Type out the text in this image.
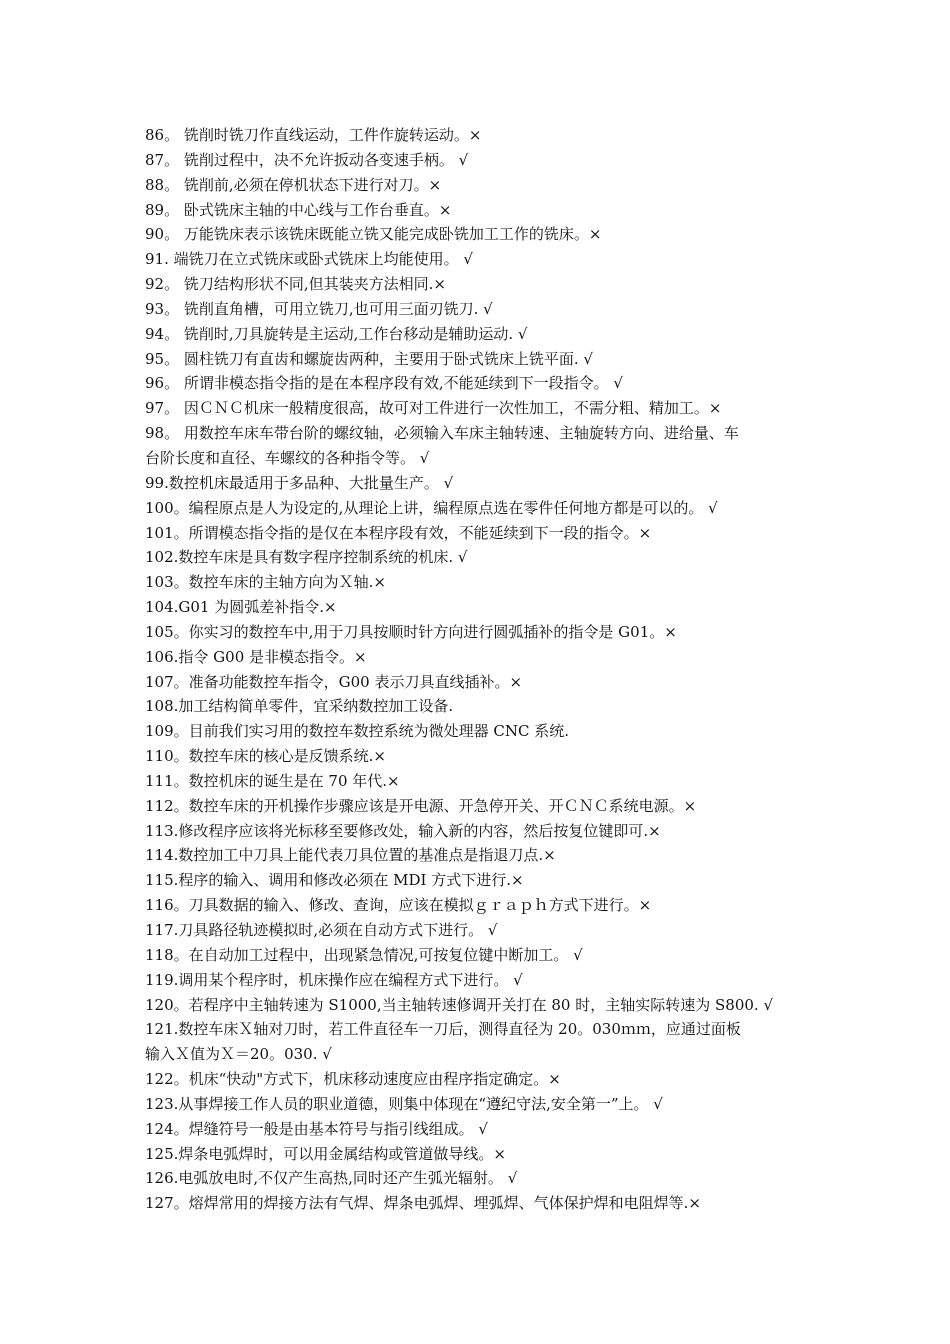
86。 铣削时铣刀作直线运动，工件作旋转运动。×
87。 铣削过程中，决不允许扳动各变速手柄。 √
88。 铣削前,必须在停机状态下进行对刀。×
89。 卧式铣床主轴的中心线与工作台垂直。×
90。 万能铣床表示该铣床既能立铣又能完成卧铣加工工作的铣床。×
91. 端铣刀在立式铣床或卧式铣床上均能使用。 √
92。 铣刀结构形状不同,但其装夹方法相同.×
93。 铣削直角槽，可用立铣刀,也可用三面刃铣刀. √
94。 铣削时,刀具旋转是主运动,工作台移动是辅助运动. √
95。 圆柱铣刀有直齿和螺旋齿两种，主要用于卧式铣床上铣平面. √
96。 所谓非模态指令指的是在本程序段有效,不能延续到下一段指令。 √
97。 因ＣＮＣ机床一般精度很高，故可对工件进行一次性加工，不需分粗、精加工。×
98。 用数控车床车带台阶的螺纹轴，必须输入车床主轴转速、主轴旋转方向、进给量、车
台阶长度和直径、车螺纹的各种指令等。 √
99.数控机床最适用于多品种、大批量生产。 √
100。编程原点是人为设定的,从理论上讲，编程原点选在零件任何地方都是可以的。 √
101。所谓模态指令指的是仅在本程序段有效，不能延续到下一段的指令。×
102.数控车床是具有数字程序控制系统的机床. √
103。数控车床的主轴方向为Ｘ轴.×
104.G01 为圆弧差补指令.×
105。你实习的数控车中,用于刀具按顺时针方向进行圆弧插补的指令是 G01。×
106.指令 G00 是非模态指令。×
107。准备功能数控车指令，G00 表示刀具直线插补。×
108.加工结构简单零件，宜采纳数控加工设备.
109。目前我们实习用的数控车数控系统为微处理器 CNC 系统.
110。数控车床的核心是反馈系统.×
111。数控机床的诞生是在 70 年代.×
112。数控车床的开机操作步骤应该是开电源、开急停开关、开ＣＮＣ系统电源。×
113.修改程序应该将光标移至要修改处，输入新的内容，然后按复位键即可.×
114.数控加工中刀具上能代表刀具位置的基准点是指退刀点.×
115.程序的输入、调用和修改必须在 MDI 方式下进行.×
116。刀具数据的输入、修改、查询，应该在模拟ｇｒａｐｈ方式下进行。×
117.刀具路径轨迹模拟时,必须在自动方式下进行。 √
118。在自动加工过程中，出现紧急情况,可按复位键中断加工。 √
119.调用某个程序时，机床操作应在编程方式下进行。 √
120。若程序中主轴转速为 S1000,当主轴转速修调开关打在 80 时，主轴实际转速为 S800. √
121.数控车床Ｘ轴对刀时，若工件直径车一刀后，测得直径为 20。030ｍｍ，应通过面板
输入Ｘ值为Ｘ＝20。030. √
122。机床“快动"方式下，机床移动速度应由程序指定确定。×
123.从事焊接工作人员的职业道德，则集中体现在“遵纪守法,安全第一”上。 √
124。焊缝符号一般是由基本符号与指引线组成。 √
125.焊条电弧焊时，可以用金属结构或管道做导线。×
126.电弧放电时,不仅产生高热,同时还产生弧光辐射。 √
127。熔焊常用的焊接方法有气焊、焊条电弧焊、埋弧焊、气体保护焊和电阻焊等.×
